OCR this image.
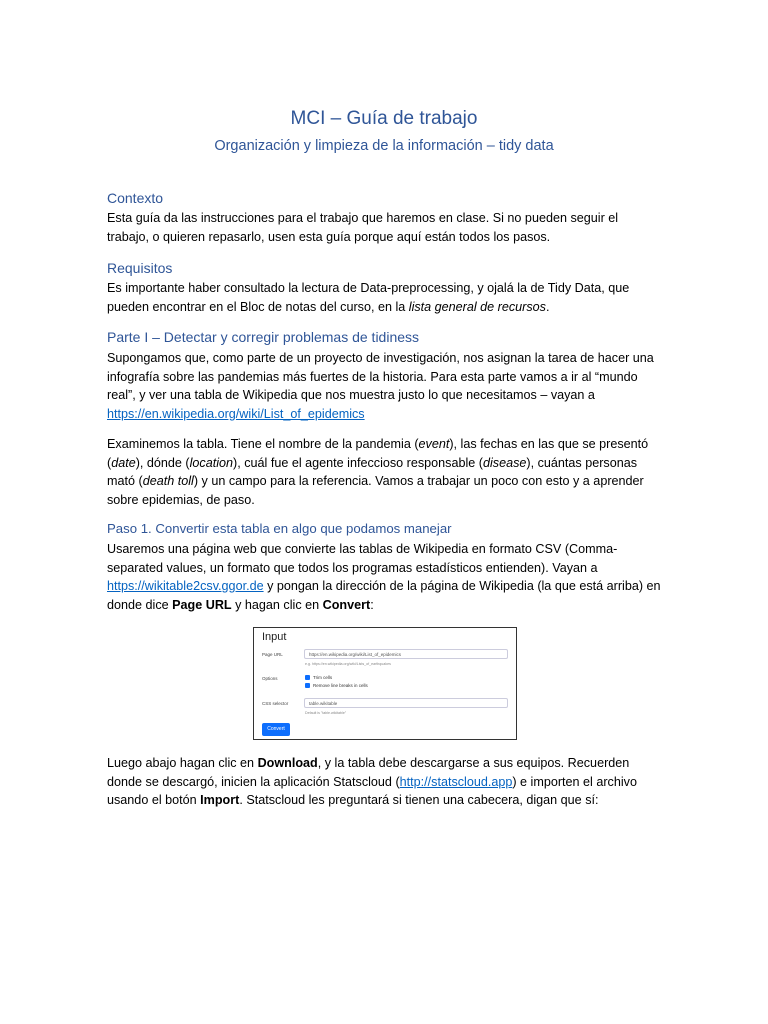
MCI – Guía de trabajo
Organización y limpieza de la información – tidy data
Contexto

Esta guía da las instrucciones para el trabajo que haremos en clase. Si no pueden seguir el trabajo, o quieren repasarlo, usen esta guía porque aquí están todos los pasos.

Requisitos

Es importante haber consultado la lectura de Data-preprocessing, y ojalá la de Tidy Data, que pueden encontrar en el Bloc de notas del curso, en la lista general de recursos.

Parte I – Detectar y corregir problemas de tidiness

Supongamos que, como parte de un proyecto de investigación, nos asignan la tarea de hacer una infografía sobre las pandemias más fuertes de la historia. Para esta parte vamos a ir al “mundo real”, y ver una tabla de Wikipedia que nos muestra justo lo que necesitamos – vayan a https://en.wikipedia.org/wiki/List_of_epidemics

Examinemos la tabla. Tiene el nombre de la pandemia (event), las fechas en las que se presentó (date), dónde (location), cuál fue el agente infeccioso responsable (disease), cuántas personas mató (death toll) y un campo para la referencia. Vamos a trabajar un poco con esto y a aprender sobre epidemias, de paso.

Paso 1. Convertir esta tabla en algo que podamos manejar

Usaremos una página web que convierte las tablas de Wikipedia en formato CSV (Comma-separated values, un formato que todos los programas estadísticos entienden). Vayan a https://wikitable2csv.ggor.de y pongan la dirección de la página de Wikipedia (la que está arriba) en donde dice Page URL y hagan clic en Convert:

Input
Page URL	https://en.wikipedia.org/wiki/List_of_epidemics
e.g. https://en.wikipedia.org/wiki/Lists_of_earthquakes
Options	Trim cells
Remove line breaks in cells
CSS selector	table.wikitable
Default is "table.wikitable"
Convert

Luego abajo hagan clic en Download, y la tabla debe descargarse a sus equipos. Recuerden donde se descargó, inicien la aplicación Statscloud (http://statscloud.app) e importen el archivo usando el botón Import. Statscloud les preguntará si tienen una cabecera, digan que sí:
